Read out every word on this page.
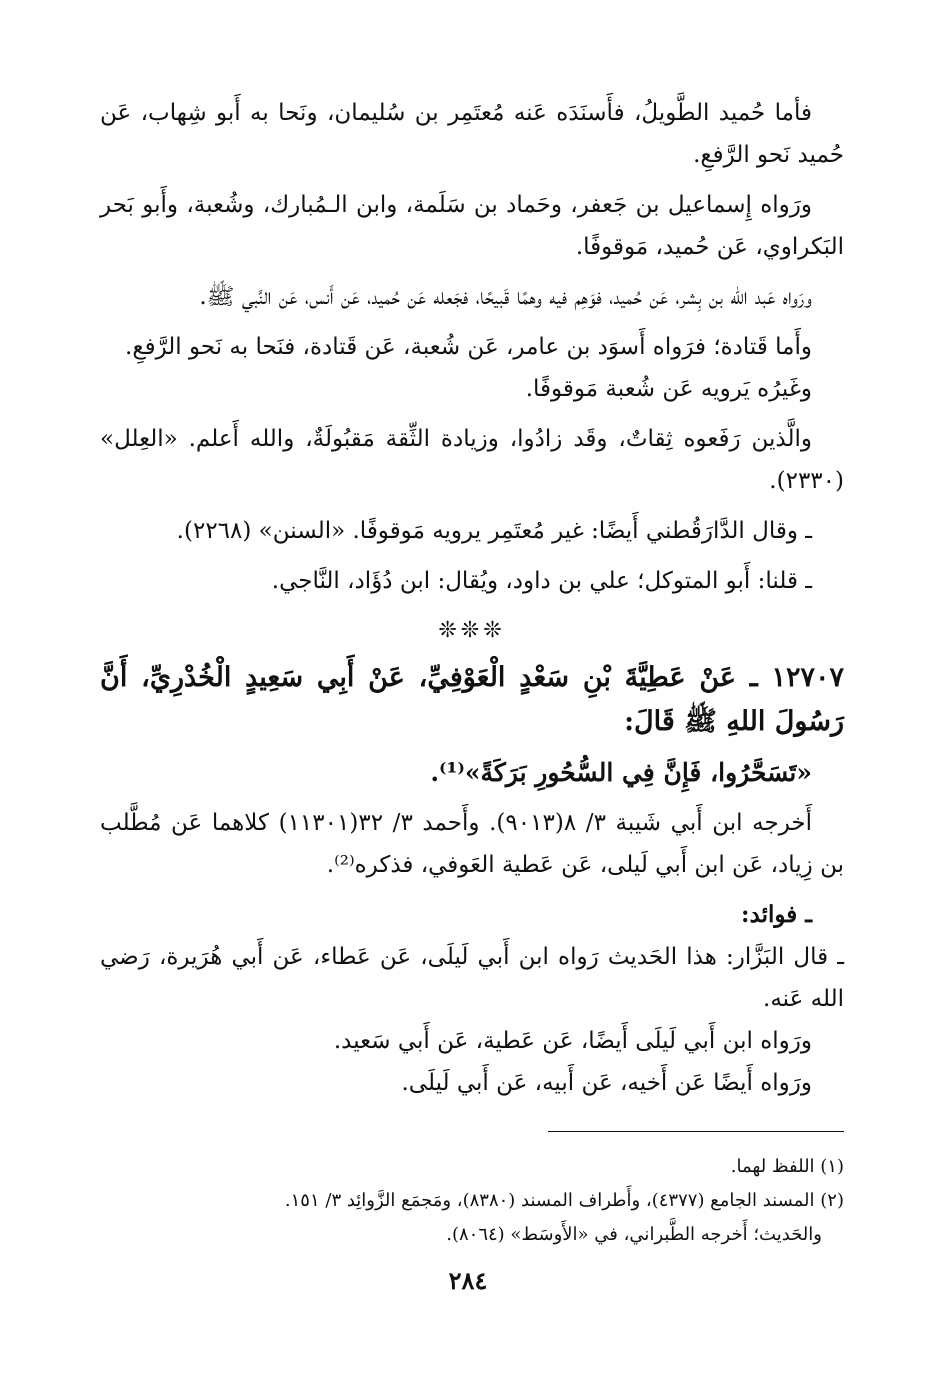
فأما حُميد الطَّويلُ، فأَسنَدَه عَنه مُعتَمِر بن سُليمان، ونَحا به أَبو شِهاب، عَن حُميد نَحو الرَّفعِ.

ورَواه إِسماعيل بن جَعفر، وحَماد بن سَلَمة، وابن الـمُبارك، وشُعبة، وأَبو بَحر البَكراوي، عَن حُميد، مَوقوفًا.

ورَواه عَبد الله بن بِشر، عَن حُميد، فوَهِم فيه وهمًا قَبيحًا، فجَعله عَن حُميد، عَن أَنس، عَن النَّبي ﷺ.

وأَما قَتادة؛ فرَواه أَسوَد بن عامر، عَن شُعبة، عَن قَتادة، فنَحا به نَحو الرَّفعِ.

وغَيرُه يَرويه عَن شُعبة مَوقوفًا.

والَّذين رَفَعوه ثِقاتٌ، وقَد زادُوا، وزيادة الثِّقة مَقبُولَةٌ، والله أَعلم. «العِلل» (٢٣٣٠).

ـ وقال الدَّارَقُطني أَيضًا: غير مُعتَمِر يرويه مَوقوفًا. «السنن» (٢٢٦٨).

ـ قلنا: أَبو المتوكل؛ علي بن داود، ويُقال: ابن دُؤَاد، النَّاجي.

❊❊❊

١٢٧٠٧ ـ عَنْ عَطِيَّةَ بْنِ سَعْدٍ الْعَوْفِيِّ، عَنْ أَبِي سَعِيدٍ الْخُدْرِيِّ، أَنَّ رَسُولَ اللهِ ﷺ قَالَ:

«تَسَحَّرُوا، فَإِنَّ فِي السُّحُورِ بَرَكَةً»⁽¹⁾.

أَخرجه ابن أَبي شَيبة ٣/ ٨(٩٠١٣). وأَحمد ٣/ ٣٢(١١٣٠١) كلاهما عَن مُطَّلب بن زِياد، عَن ابن أَبي لَيلى، عَن عَطية العَوفي، فذكره⁽²⁾.

ـ فوائد:

ـ قال البَزَّار: هذا الحَديث رَواه ابن أَبي لَيلَى، عَن عَطاء، عَن أَبي هُرَيرة، رَضي الله عَنه.

ورَواه ابن أَبي لَيلَى أَيضًا، عَن عَطية، عَن أَبي سَعيد.

ورَواه أَيضًا عَن أَخيه، عَن أَبيه، عَن أَبي لَيلَى.

(١) اللفظ لهما.

(٢) المسند الجامع (٤٣٧٧)، وأَطراف المسند (٨٣٨٠)، ومَجمَع الزَّوائِد ٣/ ١٥١.

والحَديث؛ أَخرجه الطَّبراني، في «الأَوسَط» (٨٠٦٤).

٢٨٤
